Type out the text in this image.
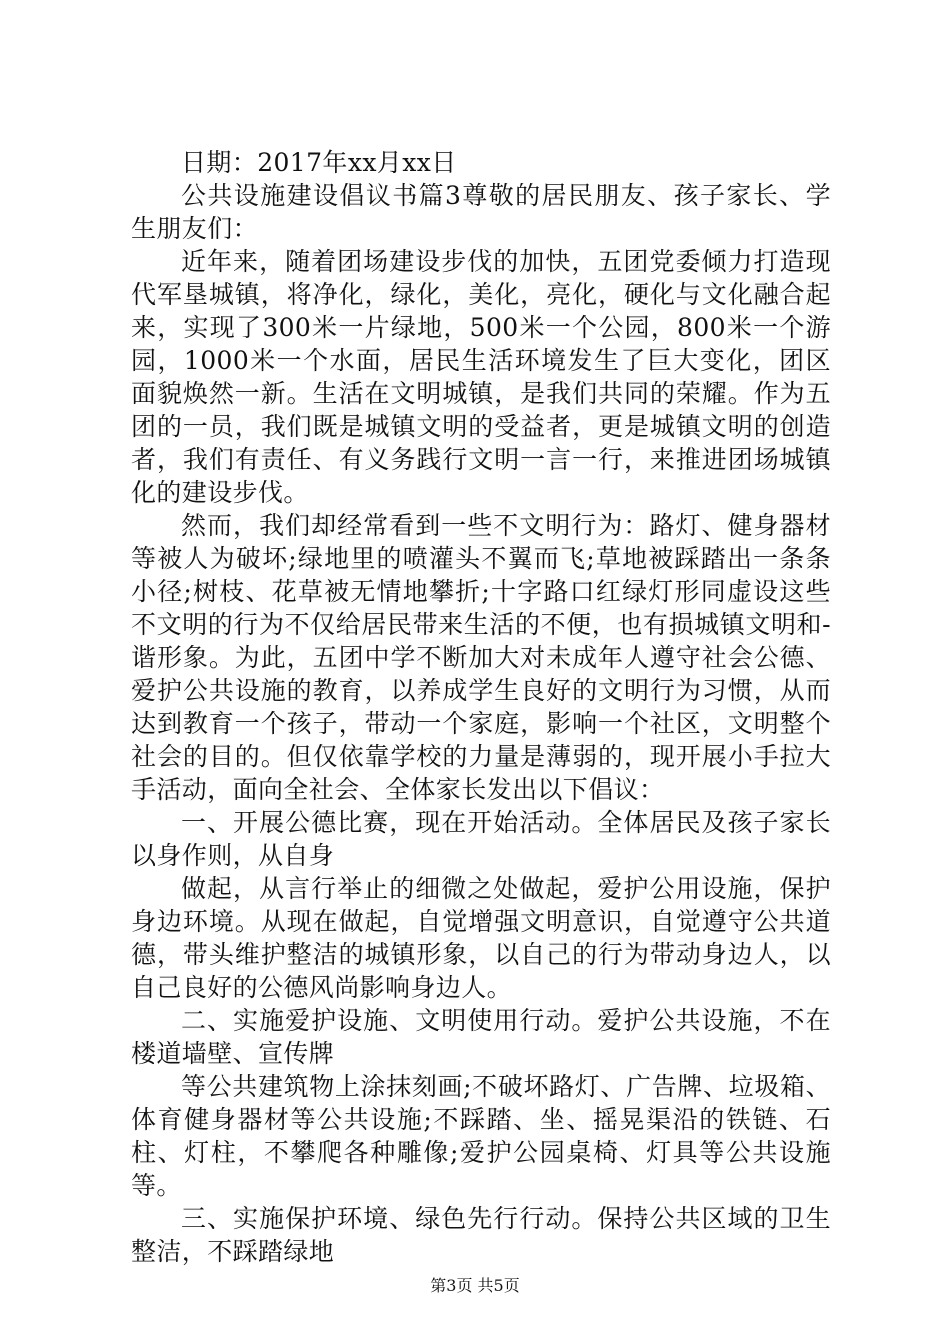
日期：2017年xx月xx日

公共设施建设倡议书篇3尊敬的居民朋友、孩子家长、学生朋友们：

近年来，随着团场建设步伐的加快，五团党委倾力打造现代军垦城镇，将净化，绿化，美化，亮化，硬化与文化融合起来，实现了300米一片绿地，500米一个公园，800米一个游园，1000米一个水面，居民生活环境发生了巨大变化，团区面貌焕然一新。生活在文明城镇，是我们共同的荣耀。作为五团的一员，我们既是城镇文明的受益者，更是城镇文明的创造者，我们有责任、有义务践行文明一言一行，来推进团场城镇化的建设步伐。

然而，我们却经常看到一些不文明行为：路灯、健身器材等被人为破坏;绿地里的喷灌头不翼而飞;草地被踩踏出一条条小径;树枝、花草被无情地攀折;十字路口红绿灯形同虚设这些不文明的行为不仅给居民带来生活的不便，也有损城镇文明和-谐形象。为此，五团中学不断加大对未成年人遵守社会公德、爱护公共设施的教育，以养成学生良好的文明行为习惯，从而达到教育一个孩子，带动一个家庭，影响一个社区，文明整个社会的目的。但仅依靠学校的力量是薄弱的，现开展小手拉大手活动，面向全社会、全体家长发出以下倡议：

一、开展公德比赛，现在开始活动。全体居民及孩子家长以身作则，从自身

做起，从言行举止的细微之处做起，爱护公用设施，保护身边环境。从现在做起，自觉增强文明意识，自觉遵守公共道德，带头维护整洁的城镇形象，以自己的行为带动身边人，以自己良好的公德风尚影响身边人。

二、实施爱护设施、文明使用行动。爱护公共设施，不在楼道墙壁、宣传牌

等公共建筑物上涂抹刻画;不破坏路灯、广告牌、垃圾箱、体育健身器材等公共设施;不踩踏、坐、摇晃渠沿的铁链、石柱、灯柱，不攀爬各种雕像;爱护公园桌椅、灯具等公共设施等。

三、实施保护环境、绿色先行行动。保持公共区域的卫生整洁，不踩踏绿地

第3页 共5页
